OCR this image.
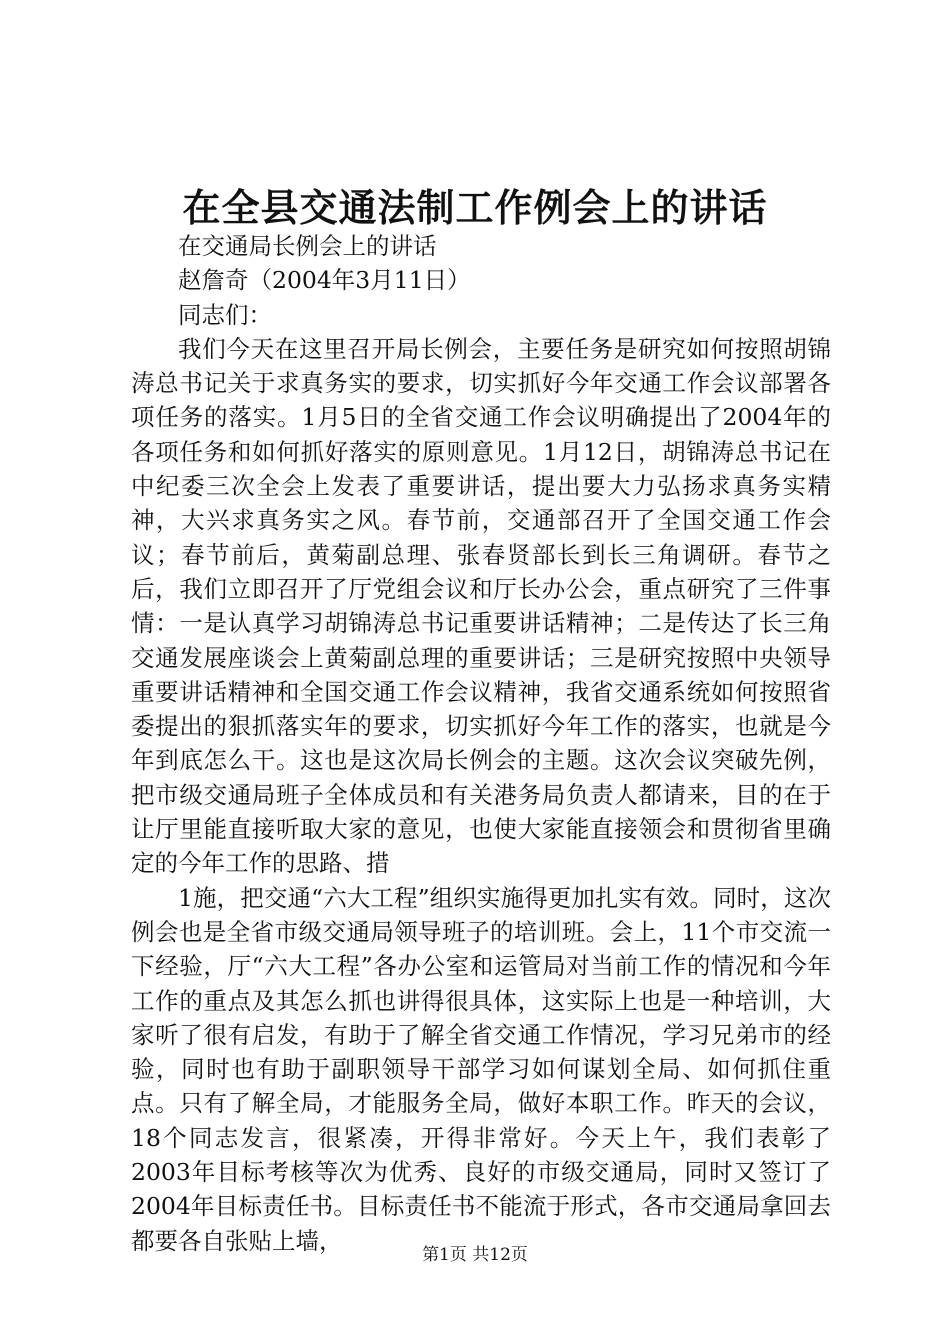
在全县交通法制工作例会上的讲话

在交通局长例会上的讲话

赵詹奇（2004年3月11日）

同志们：

我们今天在这里召开局长例会，主要任务是研究如何按照胡锦涛总书记关于求真务实的要求，切实抓好今年交通工作会议部署各项任务的落实。1月5日的全省交通工作会议明确提出了2004年的各项任务和如何抓好落实的原则意见。1月12日，胡锦涛总书记在中纪委三次全会上发表了重要讲话，提出要大力弘扬求真务实精神，大兴求真务实之风。春节前，交通部召开了全国交通工作会议；春节前后，黄菊副总理、张春贤部长到长三角调研。春节之后，我们立即召开了厅党组会议和厅长办公会，重点研究了三件事情：一是认真学习胡锦涛总书记重要讲话精神；二是传达了长三角交通发展座谈会上黄菊副总理的重要讲话；三是研究按照中央领导重要讲话精神和全国交通工作会议精神，我省交通系统如何按照省委提出的狠抓落实年的要求，切实抓好今年工作的落实，也就是今年到底怎么干。这也是这次局长例会的主题。这次会议突破先例，把市级交通局班子全体成员和有关港务局负责人都请来，目的在于让厅里能直接听取大家的意见，也使大家能直接领会和贯彻省里确定的今年工作的思路、措

1施，把交通“六大工程”组织实施得更加扎实有效。同时，这次例会也是全省市级交通局领导班子的培训班。会上，11个市交流一下经验，厅“六大工程”各办公室和运管局对当前工作的情况和今年工作的重点及其怎么抓也讲得很具体，这实际上也是一种培训，大家听了很有启发，有助于了解全省交通工作情况，学习兄弟市的经验，同时也有助于副职领导干部学习如何谋划全局、如何抓住重点。只有了解全局，才能服务全局，做好本职工作。昨天的会议，18个同志发言，很紧凑，开得非常好。今天上午，我们表彰了2003年目标考核等次为优秀、良好的市级交通局，同时又签订了2004年目标责任书。目标责任书不能流于形式，各市交通局拿回去都要各自张贴上墙，

第1页 共12页
